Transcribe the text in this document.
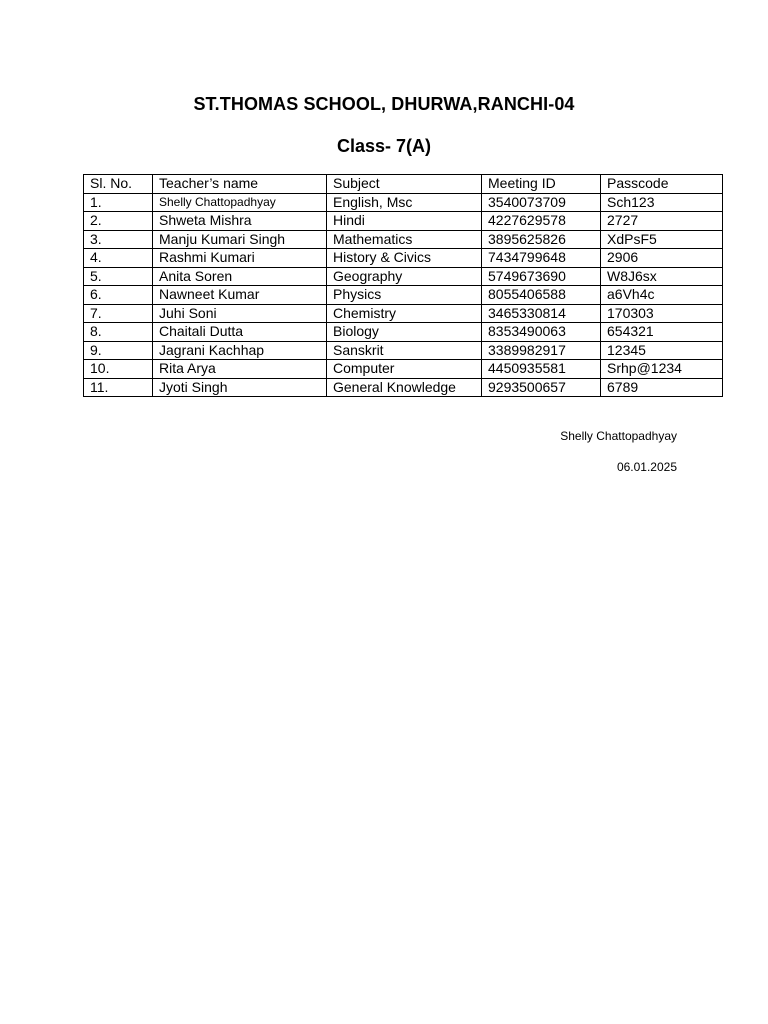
ST.THOMAS SCHOOL, DHURWA,RANCHI-04
Class- 7(A)
Sl. No.	Teacher’s name	Subject	Meeting ID	Passcode
1.	Shelly Chattopadhyay	English, Msc	3540073709	Sch123
2.	Shweta Mishra	Hindi	4227629578	2727
3.	Manju Kumari Singh	Mathematics	3895625826	XdPsF5
4.	Rashmi Kumari	History & Civics	7434799648	2906
5.	Anita Soren	Geography	5749673690	W8J6sx
6.	Nawneet Kumar	Physics	8055406588	a6Vh4c
7.	Juhi Soni	Chemistry	3465330814	170303
8.	Chaitali Dutta	Biology	8353490063	654321
9.	Jagrani Kachhap	Sanskrit	3389982917	12345
10.	Rita Arya	Computer	4450935581	Srhp@1234
11.	Jyoti Singh	General Knowledge	9293500657	6789
Shelly Chattopadhyay
06.01.2025
